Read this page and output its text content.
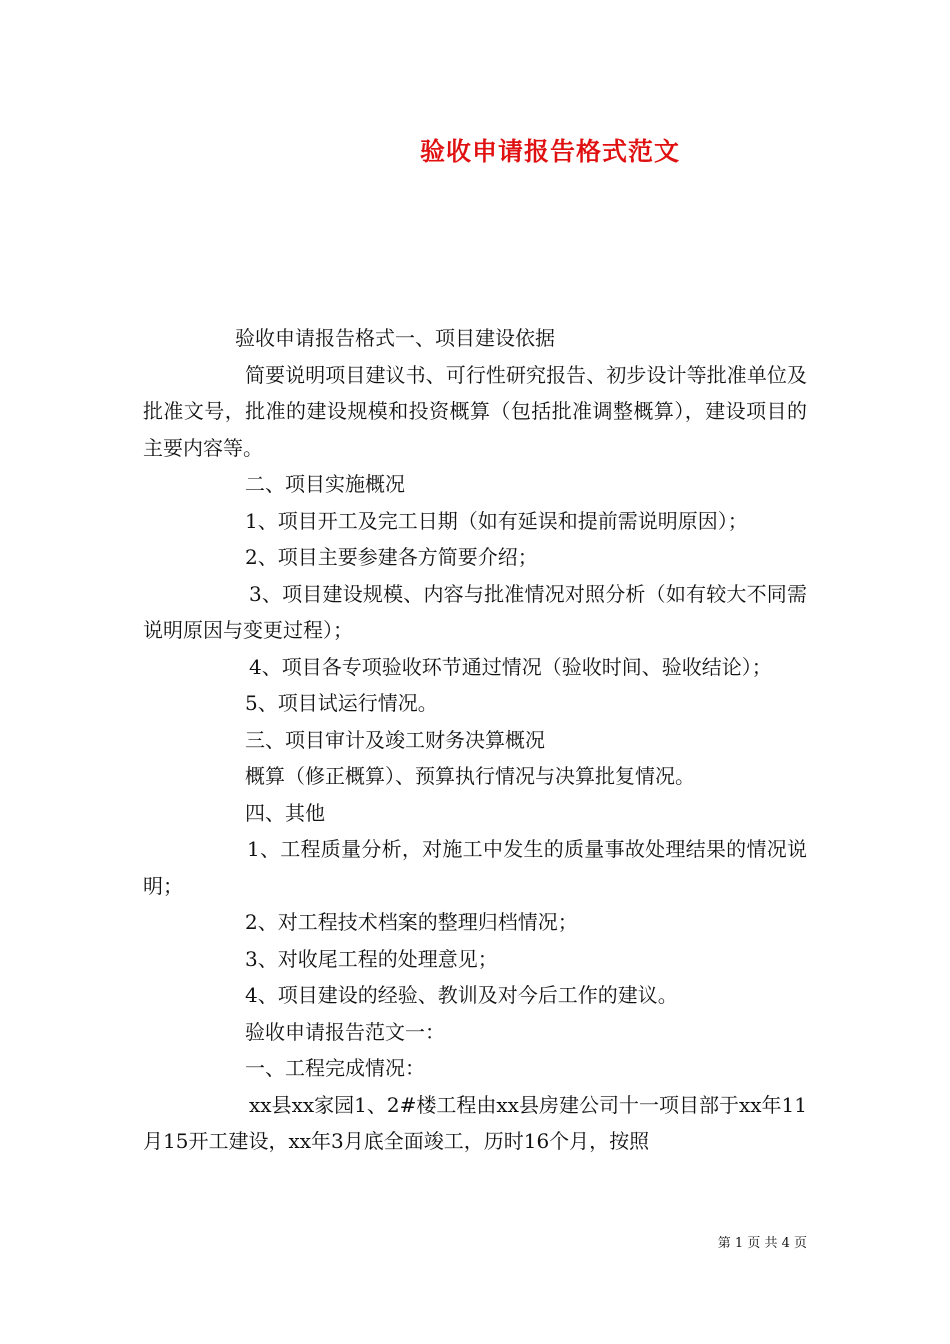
验收申请报告格式范文

验收申请报告格式一、项目建设依据

简要说明项目建议书、可行性研究报告、初步设计等批准单位及批准文号，批准的建设规模和投资概算（包括批准调整概算），建设项目的主要内容等。

二、项目实施概况

1、项目开工及完工日期（如有延误和提前需说明原因）；

2、项目主要参建各方简要介绍；

3、项目建设规模、内容与批准情况对照分析（如有较大不同需说明原因与变更过程）；

4、项目各专项验收环节通过情况（验收时间、验收结论）；

5、项目试运行情况。

三、项目审计及竣工财务决算概况

概算（修正概算）、预算执行情况与决算批复情况。

四、其他

1、工程质量分析，对施工中发生的质量事故处理结果的情况说明；

2、对工程技术档案的整理归档情况；

3、对收尾工程的处理意见；

4、项目建设的经验、教训及对今后工作的建议。

验收申请报告范文一：

一、工程完成情况：

xx县xx家园1、2#楼工程由xx县房建公司十一项目部于xx年11月15开工建设，xx年3月底全面竣工，历时16个月，按照

第 1 页 共 4 页
